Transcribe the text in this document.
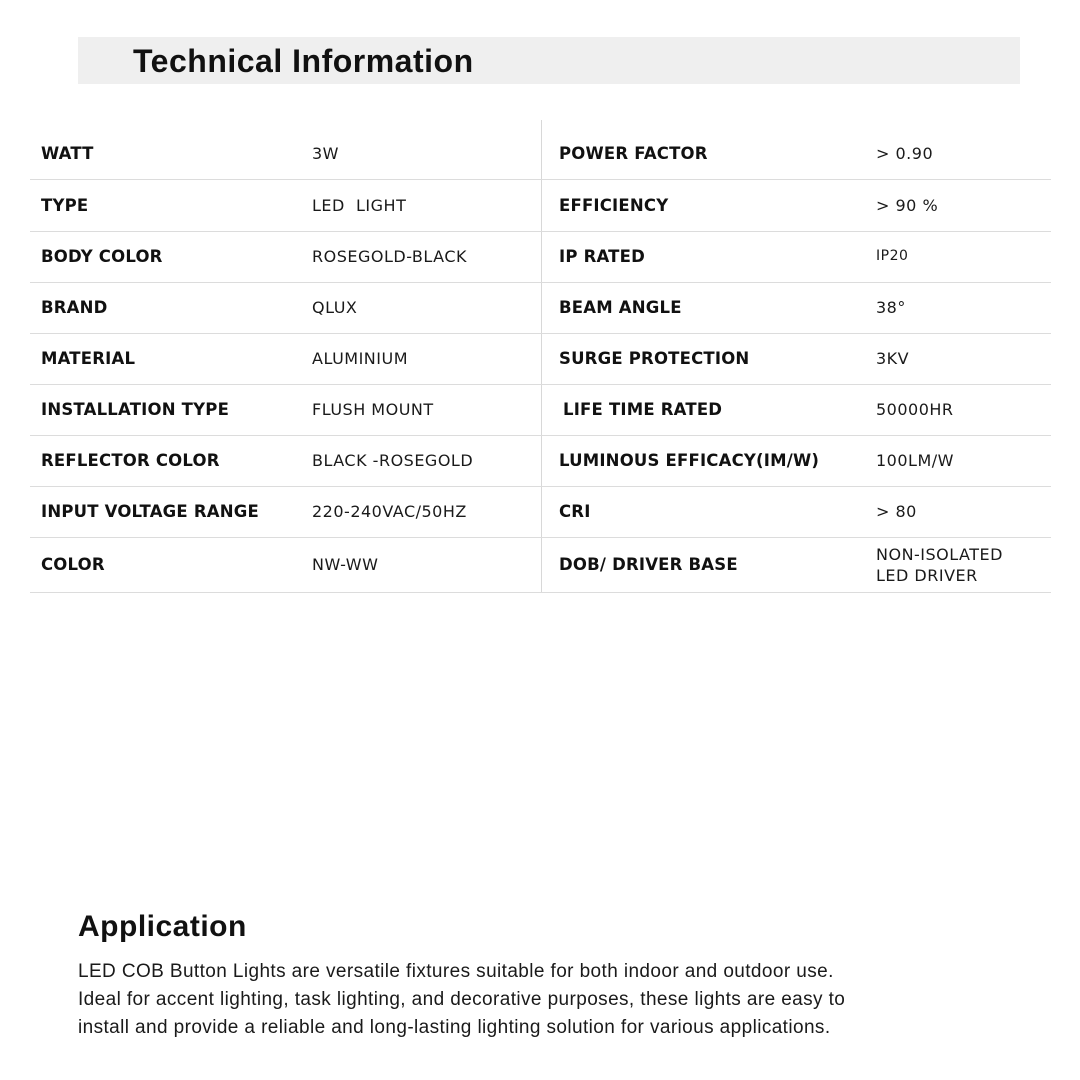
Technical Information
WATT	3W	POWER FACTOR	> 0.90
TYPE	LED  LIGHT	EFFICIENCY	> 90 %
BODY COLOR	ROSEGOLD-BLACK	IP RATED	IP20
BRAND	QLUX	BEAM ANGLE	38°
MATERIAL	ALUMINIUM	SURGE PROTECTION	3KV
INSTALLATION TYPE	FLUSH MOUNT	LIFE TIME RATED	50000HR
REFLECTOR COLOR	BLACK -ROSEGOLD	LUMINOUS EFFICACY(IM/W)	100LM/W
INPUT VOLTAGE RANGE	220-240VAC/50HZ	CRI	> 80
COLOR	NW-WW	DOB/ DRIVER BASE
NON-ISOLATED
LED DRIVER
Application

LED COB Button Lights are versatile fixtures suitable for both indoor and outdoor use.
Ideal for accent lighting, task lighting, and decorative purposes, these lights are easy to
install and provide a reliable and long-lasting lighting solution for various applications.
